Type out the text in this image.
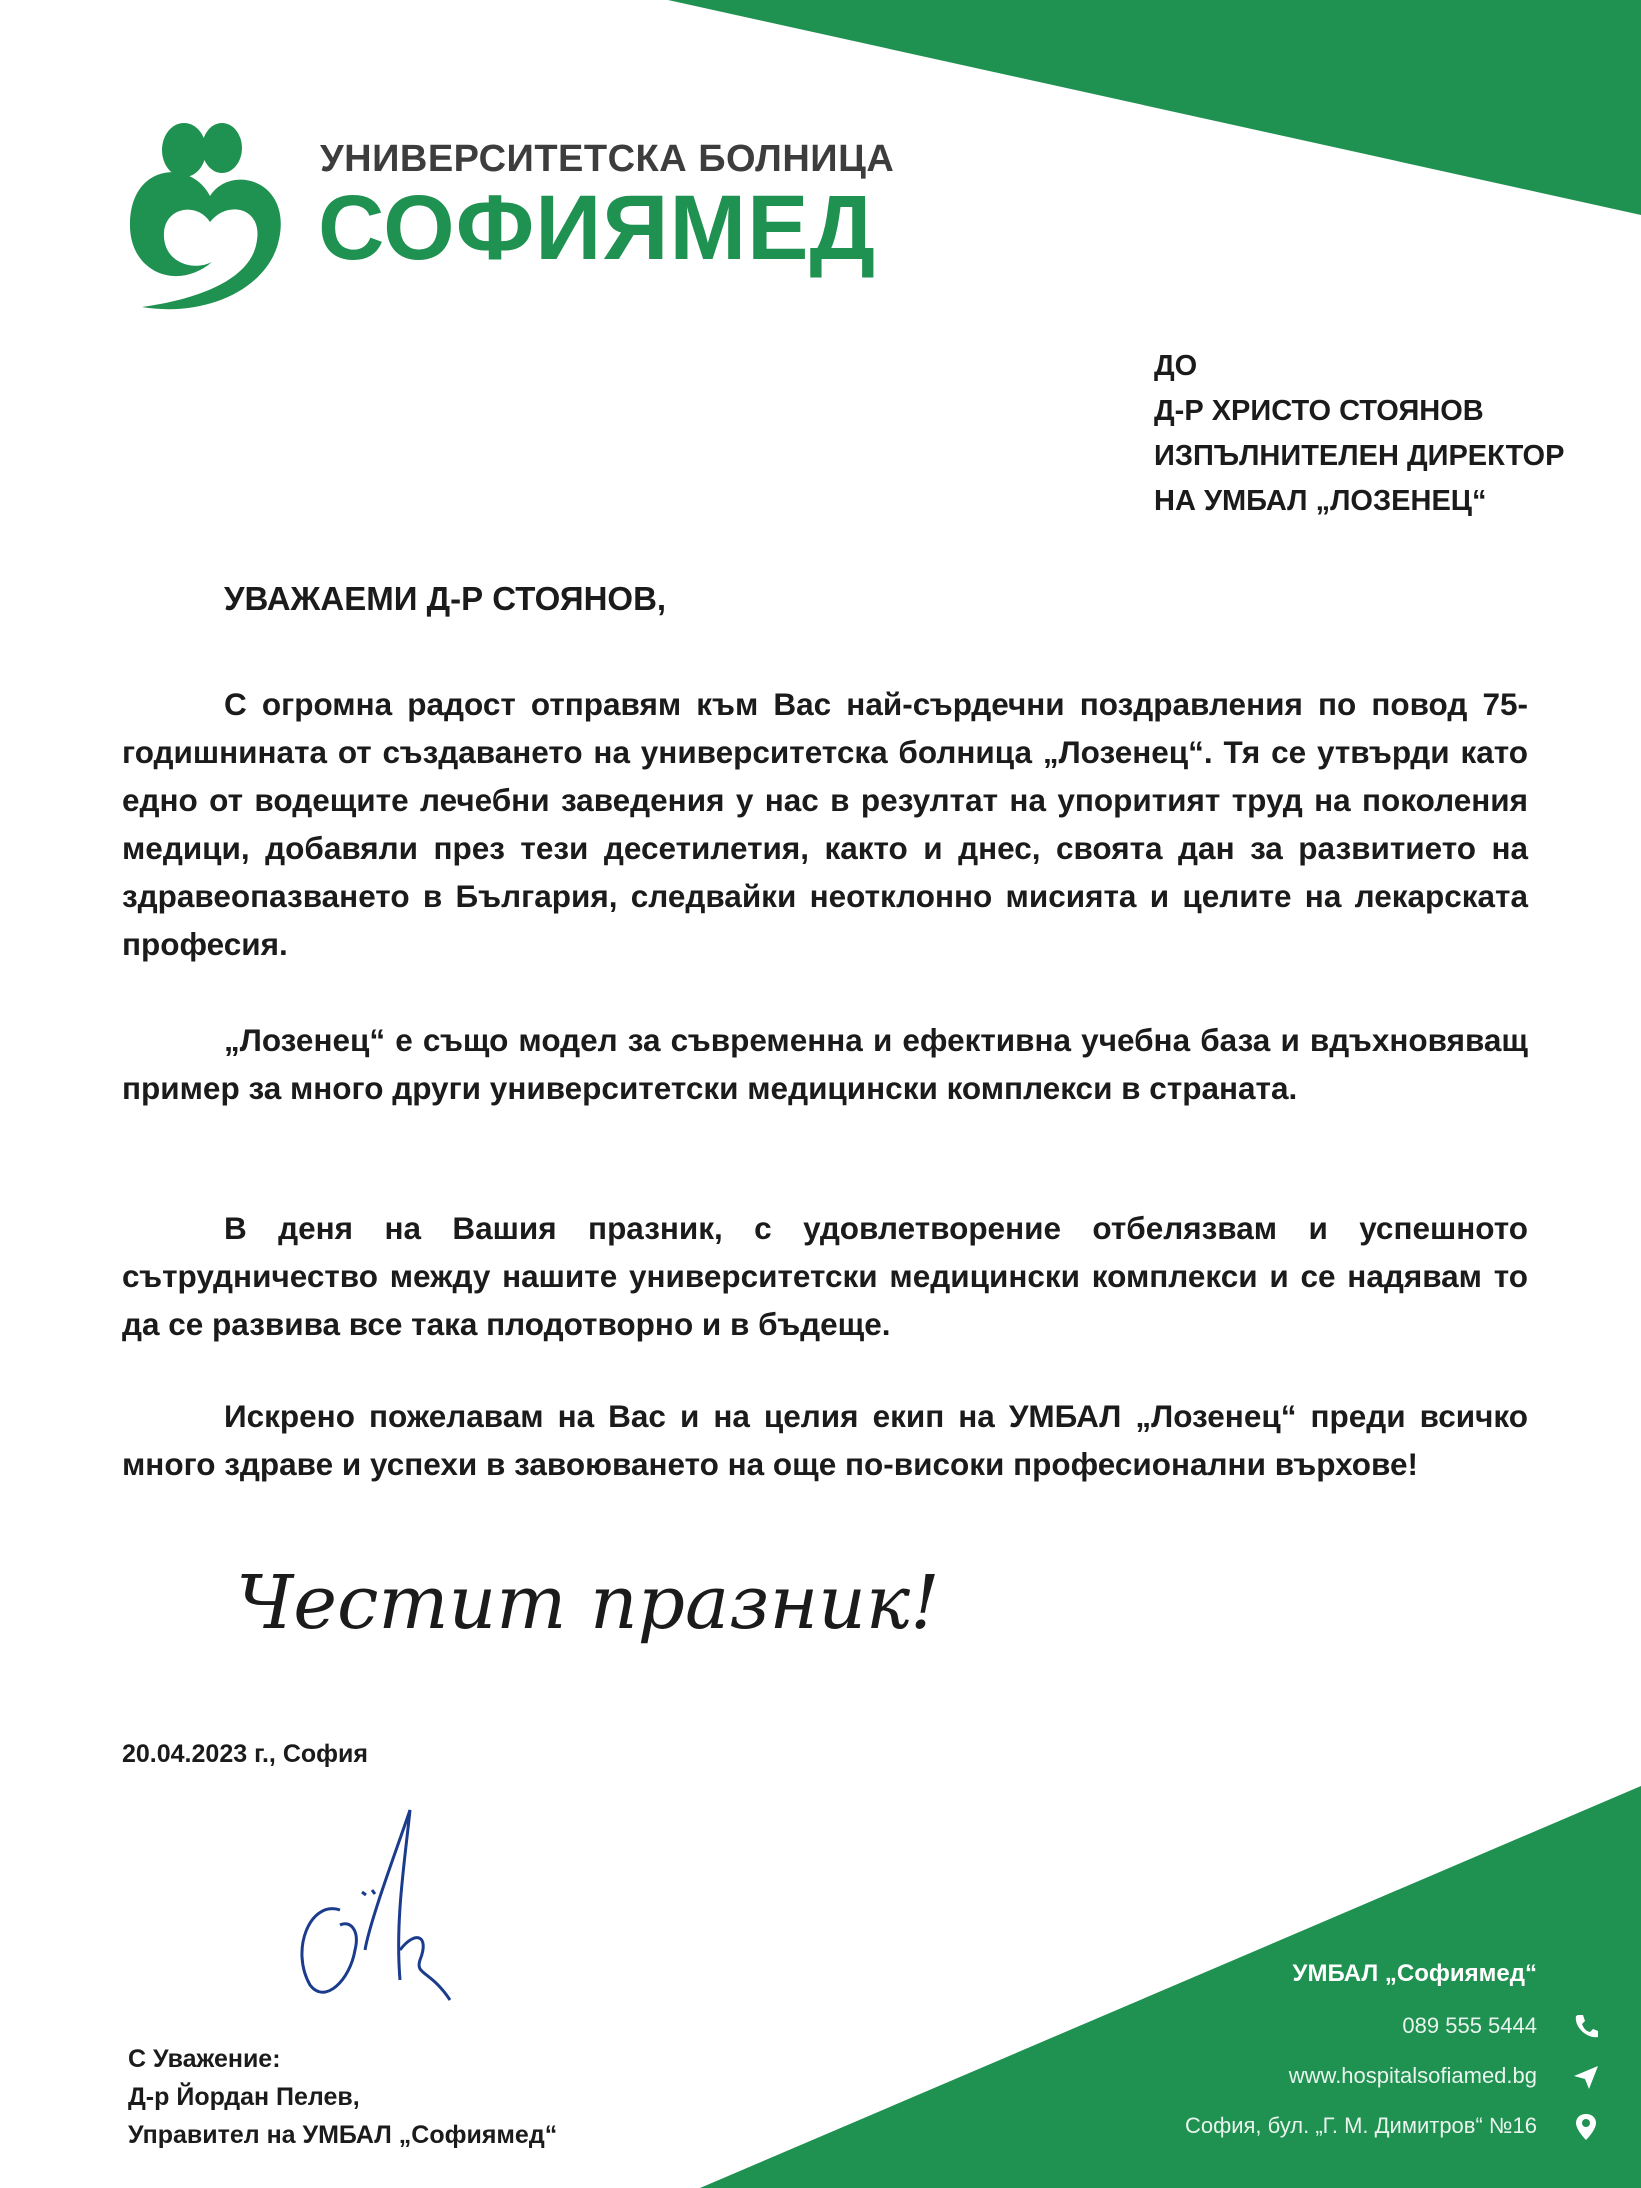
УНИВЕРСИТЕТСКА БОЛНИЦА
СОФИЯМЕД
ДО
Д-Р ХРИСТО СТОЯНОВ
ИЗПЪЛНИТЕЛЕН ДИРЕКТОР
НА УМБАЛ „ЛОЗЕНЕЦ“
УВАЖАЕМИ Д-Р СТОЯНОВ,

С огромна радост отправям към Вас най-сърдечни поздравления по повод 75-годишнината от създаването на университетска болница „Лозенец“. Тя се утвърди като едно от водещите лечебни заведения у нас в резултат на упоритият труд на поколения медици, добавяли през тези десетилетия, както и днес, своята дан за развитието на здравеопазването в България, следвайки неотклонно мисията и целите на лекарската професия.

„Лозенец“ е също модел за съвременна и ефективна учебна база и вдъхновяващ пример за много други университетски медицински комплекси в страната.

В деня на Вашия празник, с удовлетворение отбелязвам и успешното сътрудничество между нашите университетски медицински комплекси и се надявам то да се развива все така плодотворно и в бъдеще.

Искрено пожелавам на Вас и на целия екип на УМБАЛ „Лозенец“ преди всичко много здраве и успехи в завоюването на още по-високи професионални върхове!

Честит празник!
20.04.2023 г., София
С Уважение:
Д-р Йордан Пелев,
Управител на УМБАЛ „Софиямед“
УМБАЛ „Софиямед“
089 555 5444
www.hospitalsofiamed.bg
София, бул. „Г. М. Димитров“ №16
